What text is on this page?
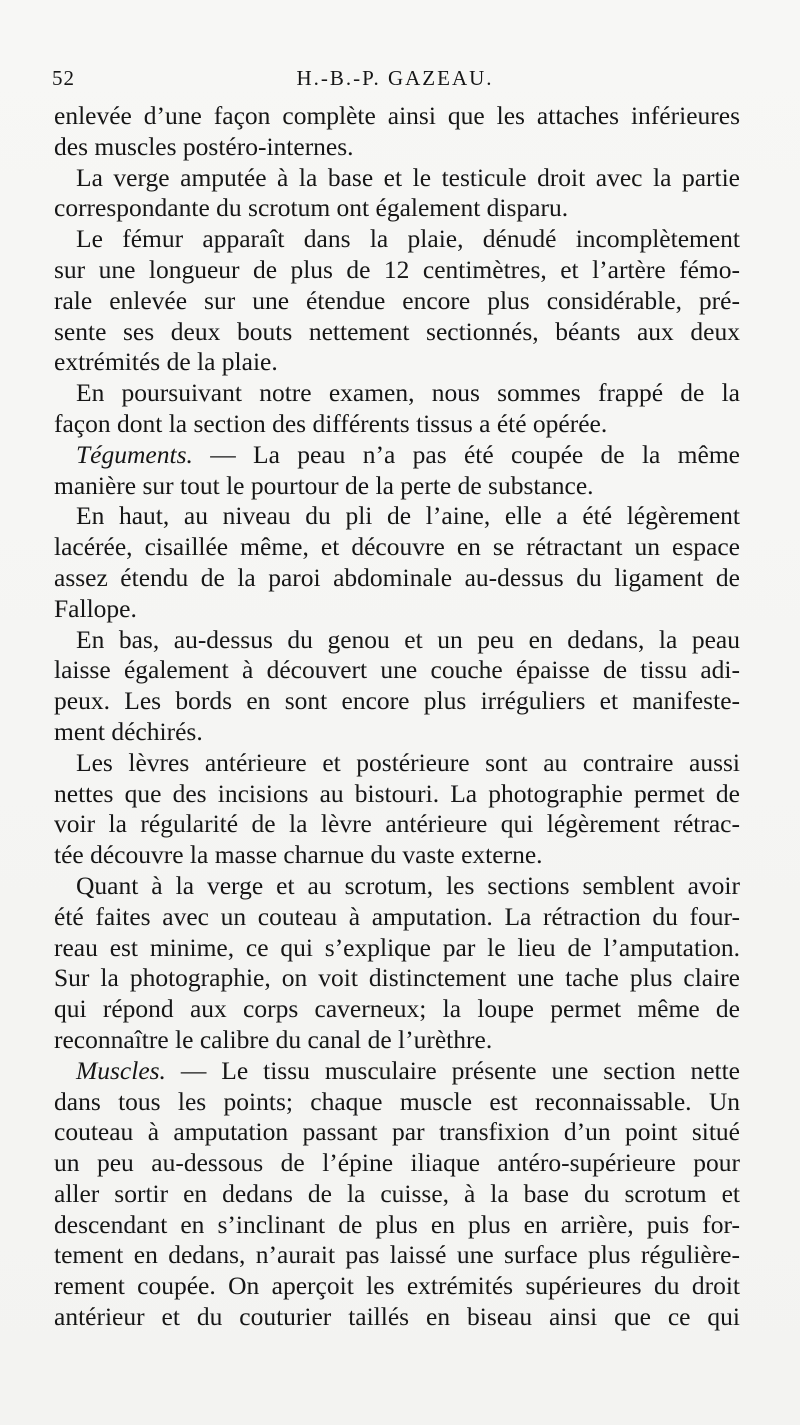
52	H.-B.-P. GAZEAU.
enlevée d’une façon complète ainsi que les attaches inférieures
des muscles postéro-internes.
La verge amputée à la base et le testicule droit avec la partie
correspondante du scrotum ont également disparu.
Le fémur apparaît dans la plaie, dénudé incomplètement
sur une longueur de plus de 12 centimètres, et l’artère fémo-
rale enlevée sur une étendue encore plus considérable, pré-
sente ses deux bouts nettement sectionnés, béants aux deux
extrémités de la plaie.
En poursuivant notre examen, nous sommes frappé de la
façon dont la section des différents tissus a été opérée.
Téguments. — La peau n’a pas été coupée de la même
manière sur tout le pourtour de la perte de substance.
En haut, au niveau du pli de l’aine, elle a été légèrement
lacérée, cisaillée même, et découvre en se rétractant un espace
assez étendu de la paroi abdominale au-dessus du ligament de
Fallope.
En bas, au-dessus du genou et un peu en dedans, la peau
laisse également à découvert une couche épaisse de tissu adi-
peux. Les bords en sont encore plus irréguliers et manifeste-
ment déchirés.
Les lèvres antérieure et postérieure sont au contraire aussi
nettes que des incisions au bistouri. La photographie permet de
voir la régularité de la lèvre antérieure qui légèrement rétrac-
tée découvre la masse charnue du vaste externe.
Quant à la verge et au scrotum, les sections semblent avoir
été faites avec un couteau à amputation. La rétraction du four-
reau est minime, ce qui s’explique par le lieu de l’amputation.
Sur la photographie, on voit distinctement une tache plus claire
qui répond aux corps caverneux; la loupe permet même de
reconnaître le calibre du canal de l’urèthre.
Muscles. — Le tissu musculaire présente une section nette
dans tous les points; chaque muscle est reconnaissable. Un
couteau à amputation passant par transfixion d’un point situé
un peu au-dessous de l’épine iliaque antéro-supérieure pour
aller sortir en dedans de la cuisse, à la base du scrotum et
descendant en s’inclinant de plus en plus en arrière, puis for-
tement en dedans, n’aurait pas laissé une surface plus régulière-
rement coupée. On aperçoit les extrémités supérieures du droit
antérieur et du couturier taillés en biseau ainsi que ce qui
